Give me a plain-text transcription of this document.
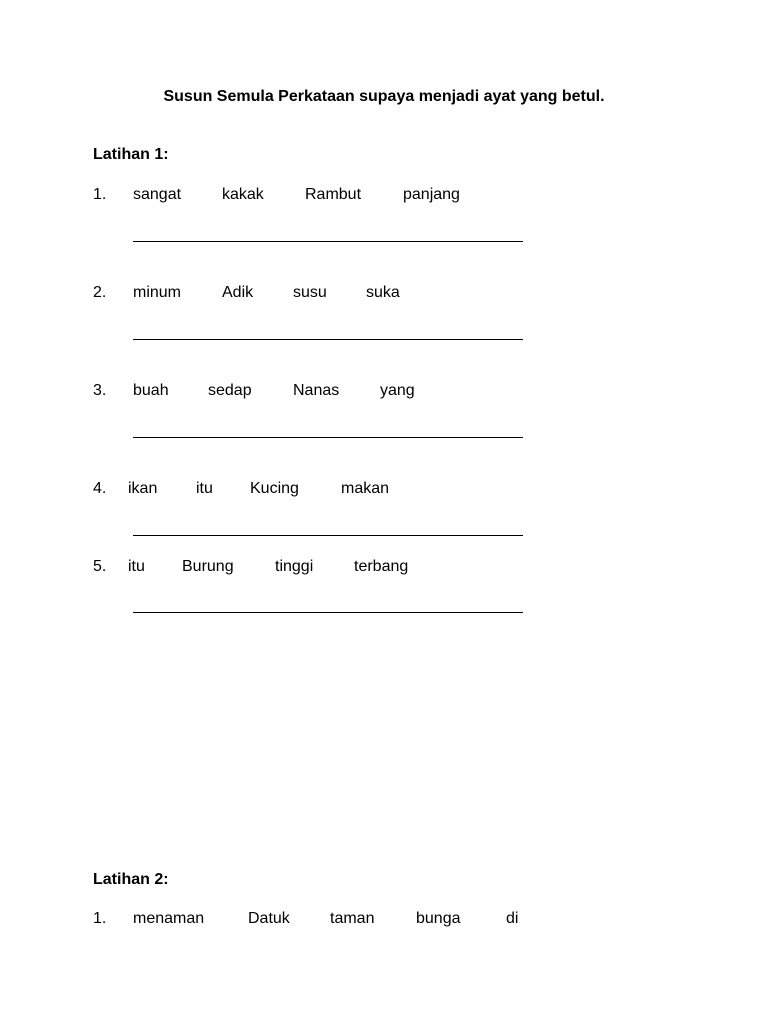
Susun Semula Perkataan supaya menjadi ayat yang betul.
Latihan 1:
1. sangat	kakak	Rambut	panjang
2. minum	Adik susu suka
3. buah sedap	Nanas	yang
4. ikan itu Kucing	makan
5. itu Burung	tinggi	terbang
Latihan 2:
1. menaman	Datuk	taman	bunga	di
